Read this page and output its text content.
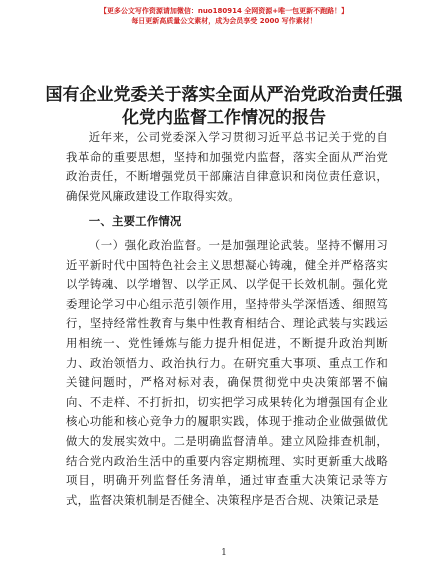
【更多公文写作资源请加微信：nuo180914 全网资源+唯一包更新不跑路！】
每日更新高质量公文素材，成为会员享受 2000 写作素材！
国有企业党委关于落实全面从严治党政治责任强化党内监督工作情况的报告

近年来，公司党委深入学习贯彻习近平总书记关于党的自我革命的重要思想，坚持和加强党内监督，落实全面从严治党政治责任，不断增强党员干部廉洁自律意识和岗位责任意识，确保党风廉政建设工作取得实效。

一、主要工作情况

（一）强化政治监督。一是加强理论武装。坚持不懈用习近平新时代中国特色社会主义思想凝心铸魂，健全并严格落实以学铸魂、以学增智、以学正风、以学促干长效机制。强化党委理论学习中心组示范引领作用，坚持带头学深悟透、细照笃行，坚持经常性教育与集中性教育相结合、理论武装与实践运用相统一、党性锤炼与能力提升相促进，不断提升政治判断力、政治领悟力、政治执行力。在研究重大事项、重点工作和关键问题时，严格对标对表，确保贯彻党中央决策部署不偏向、不走样、不打折扣，切实把学习成果转化为增强国有企业核心功能和核心竞争力的履职实践，体现于推动企业做强做优做大的发展实效中。二是明确监督清单。建立风险排查机制，结合党内政治生活中的重要内容定期梳理、实时更新重大战略项目，明确开列监督任务清单，通过审查重大决策记录等方式，监督决策机制是否健全、决策程序是否合规、决策记录是

1
